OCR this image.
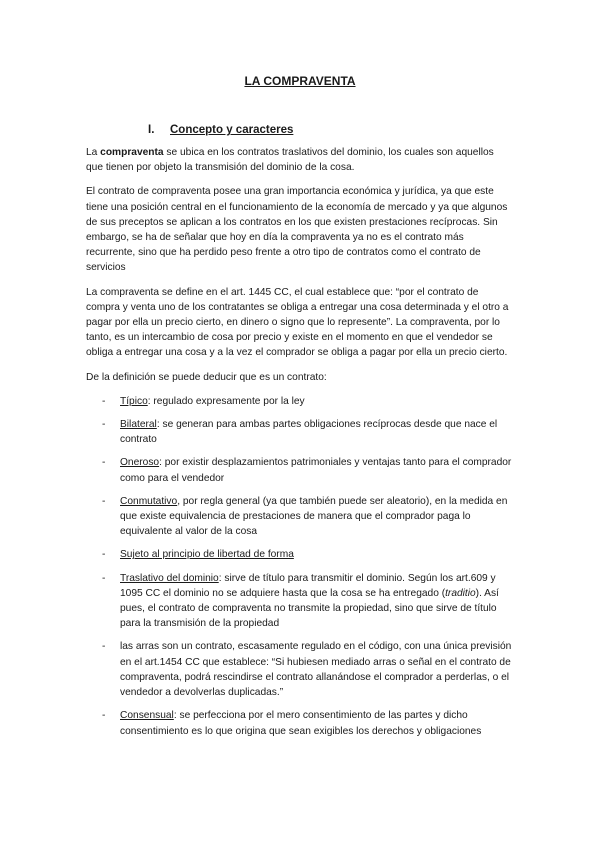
LA COMPRAVENTA
I. Concepto y caracteres

La compraventa se ubica en los contratos traslativos del dominio, los cuales son aquellos que tienen por objeto la transmisión del dominio de la cosa.

El contrato de compraventa posee una gran importancia económica y jurídica, ya que este tiene una posición central en el funcionamiento de la economía de mercado y ya que algunos de sus preceptos se aplican a los contratos en los que existen prestaciones recíprocas. Sin embargo, se ha de señalar que hoy en día la compraventa ya no es el contrato más recurrente, sino que ha perdido peso frente a otro tipo de contratos como el contrato de servicios

La compraventa se define en el art. 1445 CC, el cual establece que: “por el contrato de compra y venta uno de los contratantes se obliga a entregar una cosa determinada y el otro a pagar por ella un precio cierto, en dinero o signo que lo represente”. La compraventa, por lo tanto, es un intercambio de cosa por precio y existe en el momento en que el vendedor se obliga a entregar una cosa y a la vez el comprador se obliga a pagar por ella un precio cierto.

De la definición se puede deducir que es un contrato:

- Típico: regulado expresamente por la ley
- Bilateral: se generan para ambas partes obligaciones recíprocas desde que nace el contrato
- Oneroso: por existir desplazamientos patrimoniales y ventajas tanto para el comprador como para el vendedor
- Conmutativo, por regla general (ya que también puede ser aleatorio), en la medida en que existe equivalencia de prestaciones de manera que el comprador paga lo equivalente al valor de la cosa
- Sujeto al principio de libertad de forma
- Traslativo del dominio: sirve de título para transmitir el dominio. Según los art.609 y 1095 CC el dominio no se adquiere hasta que la cosa se ha entregado (traditio). Así pues, el contrato de compraventa no transmite la propiedad, sino que sirve de título para la transmisión de la propiedad
- las arras son un contrato, escasamente regulado en el código, con una única previsión en el art.1454 CC que establece: “Si hubiesen mediado arras o señal en el contrato de compraventa, podrá rescindirse el contrato allanándose el comprador a perderlas, o el vendedor a devolverlas duplicadas.”
- Consensual: se perfecciona por el mero consentimiento de las partes y dicho consentimiento es lo que origina que sean exigibles los derechos y obligaciones
